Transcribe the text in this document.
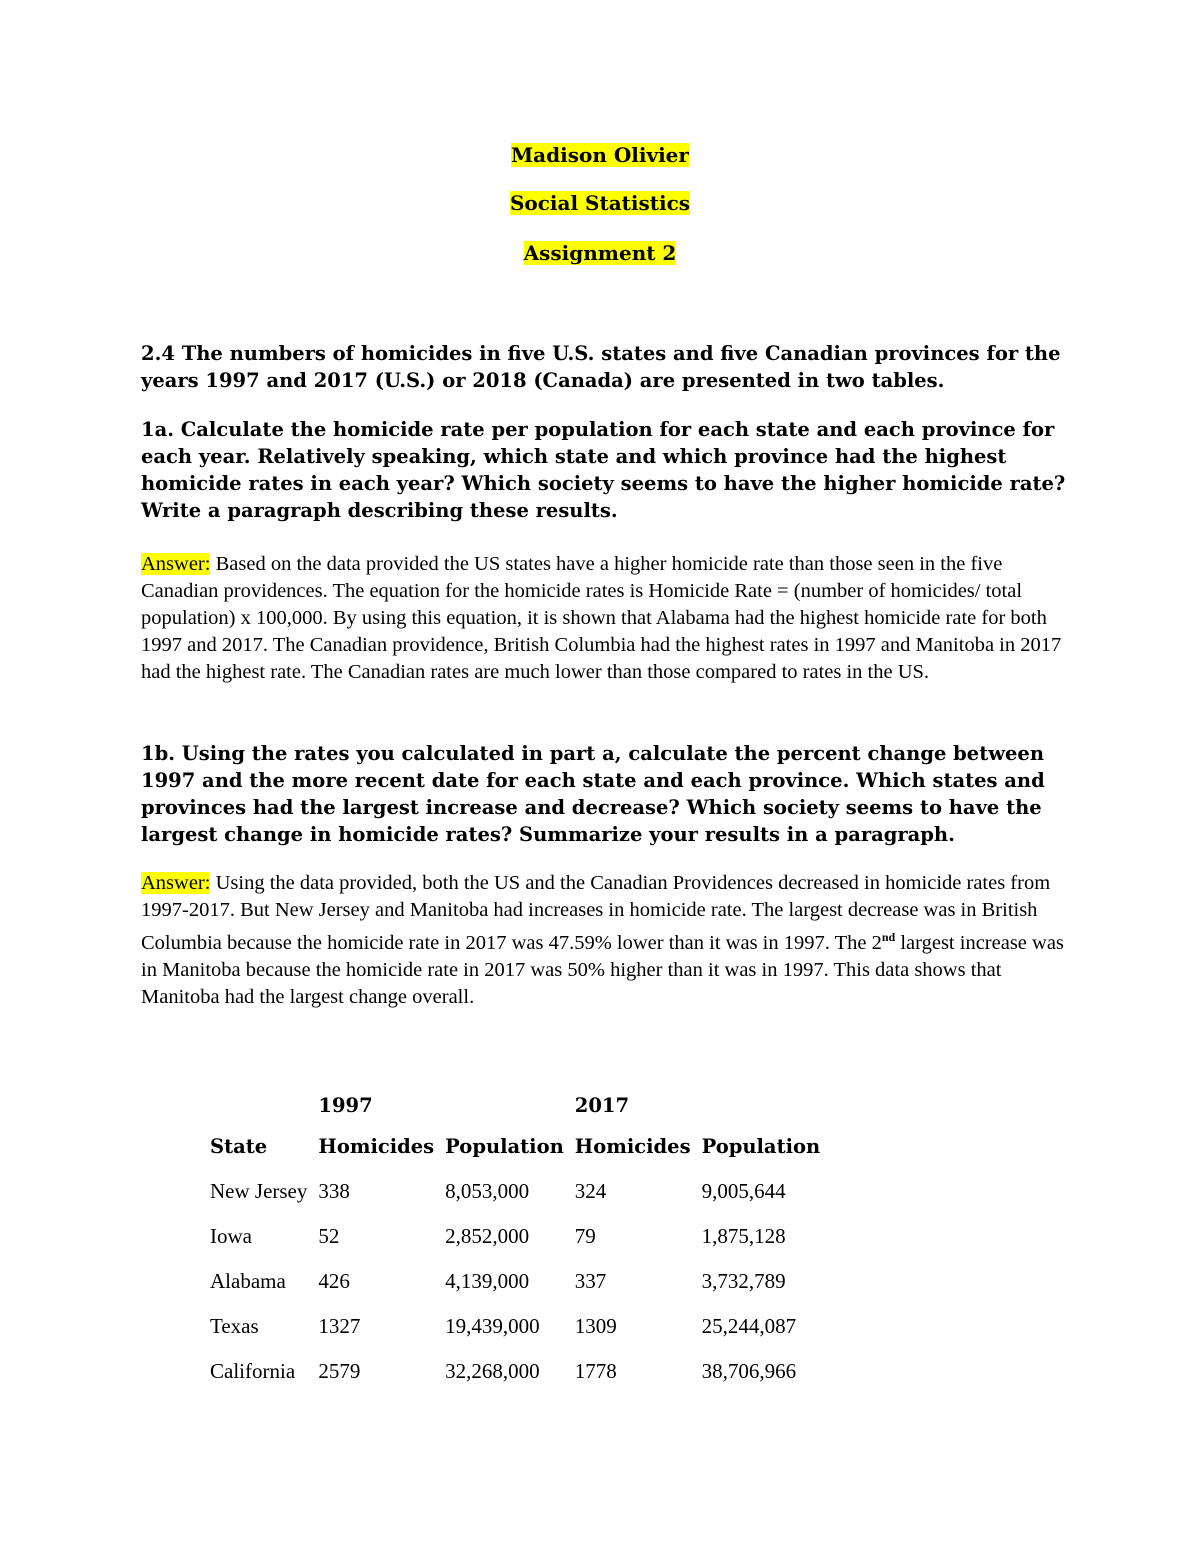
Madison Olivier
Social Statistics
Assignment 2
2.4 The numbers of homicides in five U.S. states and five Canadian provinces for the years 1997 and 2017 (U.S.) or 2018 (Canada) are presented in two tables.
1a. Calculate the homicide rate per population for each state and each province for each year. Relatively speaking, which state and which province had the highest homicide rates in each year? Which society seems to have the higher homicide rate? Write a paragraph describing these results.
Answer: Based on the data provided the US states have a higher homicide rate than those seen in the five Canadian providences. The equation for the homicide rates is Homicide Rate = (number of homicides/ total population) x 100,000. By using this equation, it is shown that Alabama had the highest homicide rate for both 1997 and 2017. The Canadian providence, British Columbia had the highest rates in 1997 and Manitoba in 2017 had the highest rate. The Canadian rates are much lower than those compared to rates in the US.
1b. Using the rates you calculated in part a, calculate the percent change between 1997 and the more recent date for each state and each province. Which states and provinces had the largest increase and decrease? Which society seems to have the largest change in homicide rates? Summarize your results in a paragraph.
Answer: Using the data provided, both the US and the Canadian Providences decreased in homicide rates from 1997-2017. But New Jersey and Manitoba had increases in homicide rate. The largest decrease was in British Columbia because the homicide rate in 2017 was 47.59% lower than it was in 1997. The 2nd largest increase was in Manitoba because the homicide rate in 2017 was 50% higher than it was in 1997. This data shows that Manitoba had the largest change overall.
	1997		2017	
State	Homicides	Population	Homicides	Population
New Jersey	338	8,053,000	324	9,005,644
Iowa	52	2,852,000	79	1,875,128
Alabama	426	4,139,000	337	3,732,789
Texas	1327	19,439,000	1309	25,244,087
California	2579	32,268,000	1778	38,706,966
